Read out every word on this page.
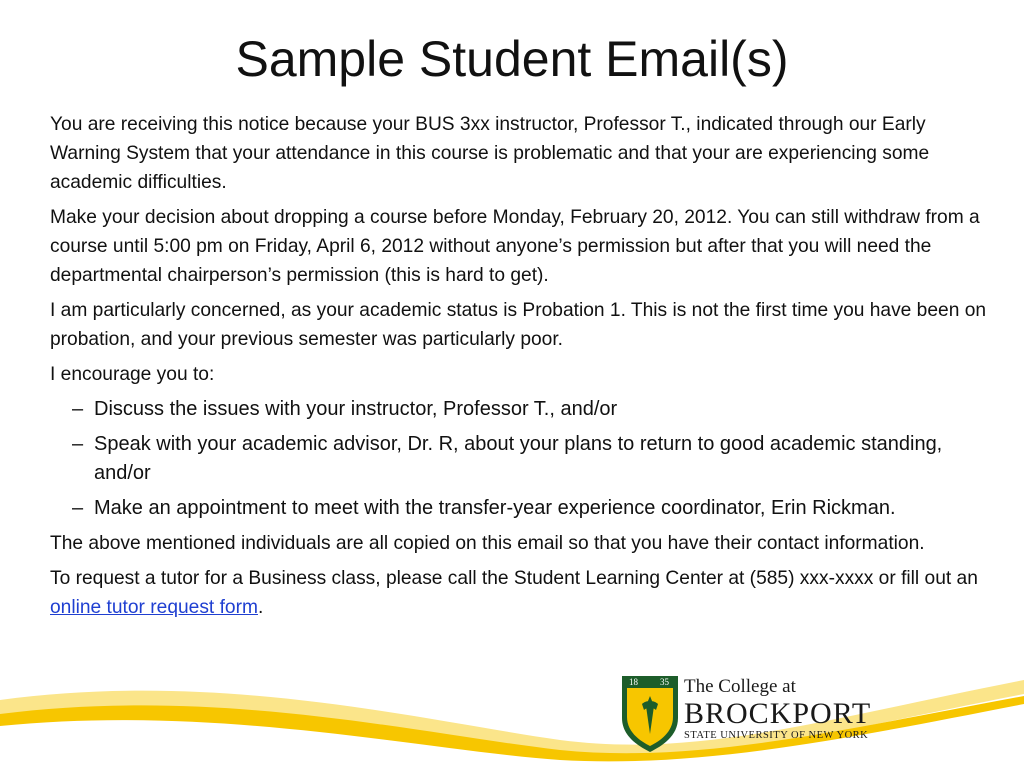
Sample Student Email(s)

You are receiving this notice because your BUS 3xx instructor, Professor T., indicated through our Early Warning System that your attendance in this course is problematic and that your are experiencing some academic difficulties.

Make your decision about dropping a course before Monday, February 20, 2012. You can still withdraw from a course until 5:00 pm on Friday, April 6, 2012 without anyone’s permission but after that you will need the departmental chairperson’s permission (this is hard to get).

I am particularly concerned, as your academic status is Probation 1. This is not the first time you have been on probation, and your previous semester was particularly poor.

I encourage you to:

– Discuss the issues with your instructor, Professor T., and/or
– Speak with your academic advisor, Dr. R, about your plans to return to good academic standing, and/or
– Make an appointment to meet with the transfer-year experience coordinator, Erin Rickman.

The above mentioned individuals are all copied on this email so that you have their contact information.

To request a tutor for a Business class, please call the Student Learning Center at (585) xxx-xxxx or fill out an online tutor request form.

18 35 The College at
BROCKPORT
STATE UNIVERSITY OF NEW YORK
